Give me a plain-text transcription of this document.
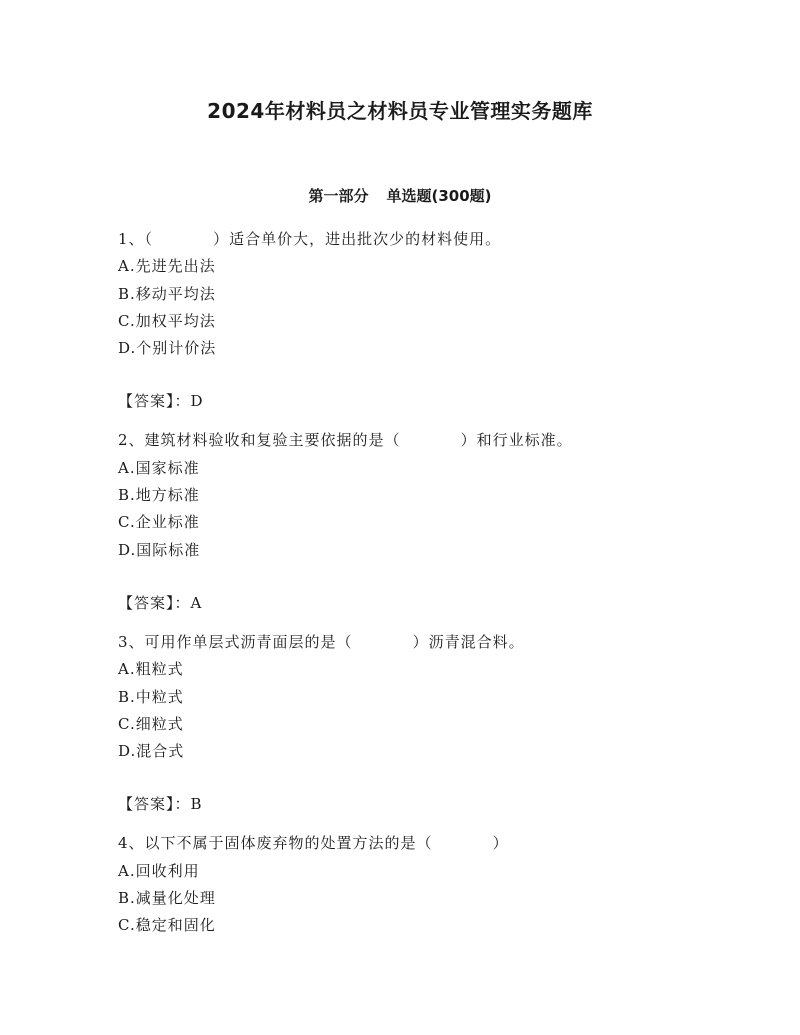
2024年材料员之材料员专业管理实务题库
第一部分 单选题(300题)
1、（	）适合单价大，进出批次少的材料使用。
A.先进先出法
B.移动平均法
C.加权平均法
D.个别计价法
【答案】：D
2、建筑材料验收和复验主要依据的是（	）和行业标准。
A.国家标准
B.地方标准
C.企业标准
D.国际标准
【答案】：A
3、可用作单层式沥青面层的是（	）沥青混合料。
A.粗粒式
B.中粒式
C.细粒式
D.混合式
【答案】：B
4、以下不属于固体废弃物的处置方法的是（	）
A.回收利用
B.减量化处理
C.稳定和固化
